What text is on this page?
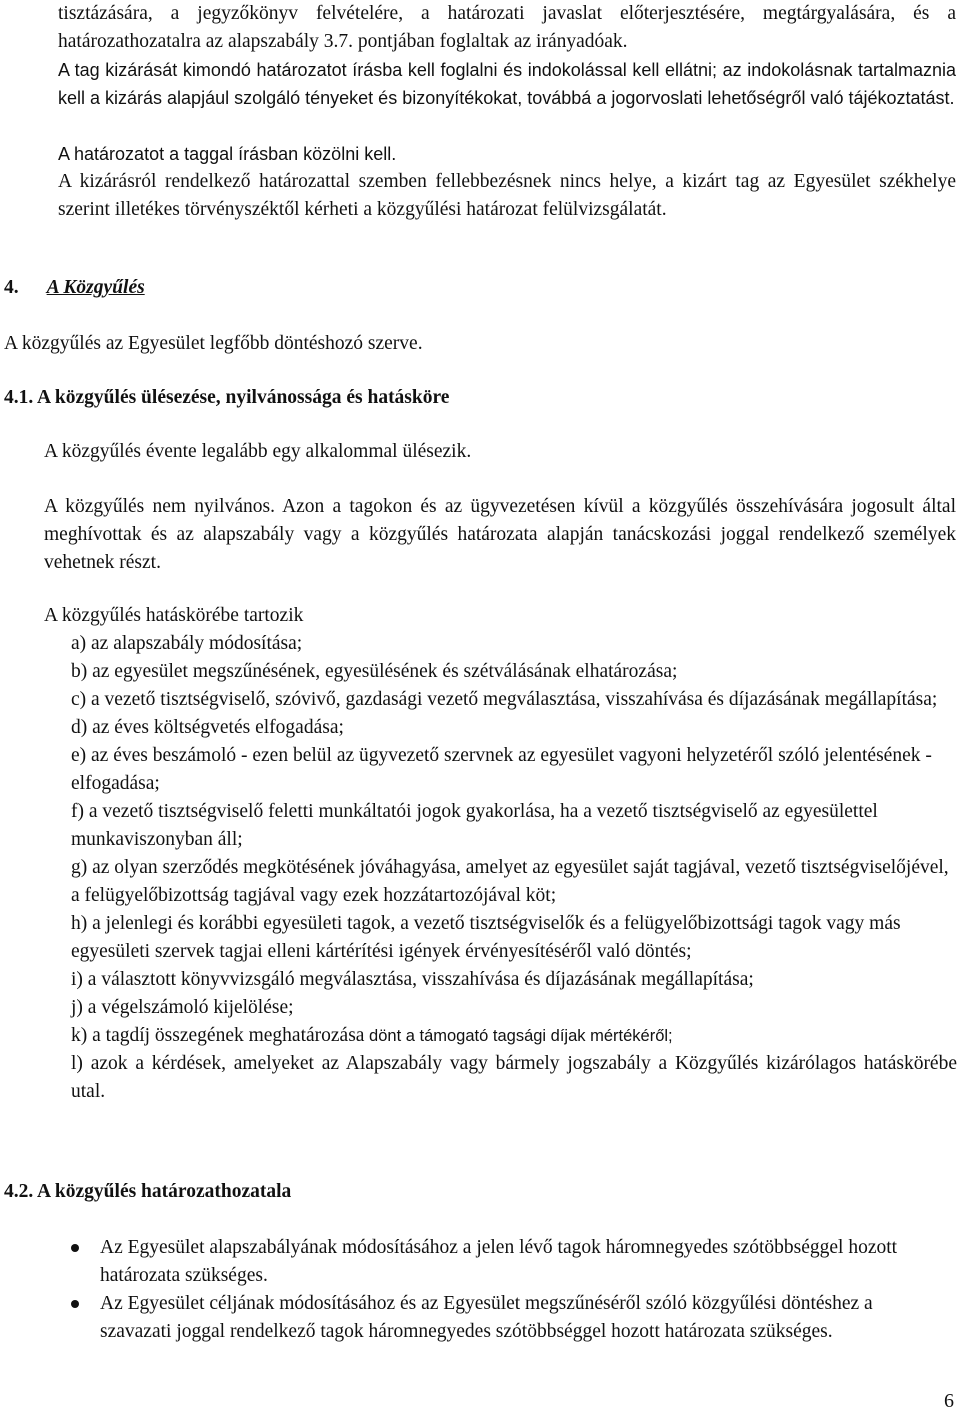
tisztázására, a jegyzőkönyv felvételére, a határozati javaslat előterjesztésére, megtárgyalására, és a határozathozatalra az alapszabály 3.7. pontjában foglaltak az irányadóak.
A tag kizárását kimondó határozatot írásba kell foglalni és indokolással kell ellátni; az indokolásnak tartalmaznia kell a kizárás alapjául szolgáló tényeket és bizonyítékokat, továbbá a jogorvoslati lehetőségről való tájékoztatást.
A határozatot a taggal írásban közölni kell.
A kizárásról rendelkező határozattal szemben fellebbezésnek nincs helye, a kizárt tag az Egyesület székhelye szerint illetékes törvényszéktől kérheti a közgyűlési határozat felülvizsgálatát.
4. A Közgyűlés
A közgyűlés az Egyesület legfőbb döntéshozó szerve.
4.1. A közgyűlés ülésezése, nyilvánossága és hatásköre
A közgyűlés évente legalább egy alkalommal ülésezik.
A közgyűlés nem nyilvános. Azon a tagokon és az ügyvezetésen kívül a közgyűlés összehívására jogosult által meghívottak és az alapszabály vagy a közgyűlés határozata alapján tanácskozási joggal rendelkező személyek vehetnek részt.
A közgyűlés hatáskörébe tartozik
a) az alapszabály módosítása;
b) az egyesület megszűnésének, egyesülésének és szétválásának elhatározása;
c) a vezető tisztségviselő, szóvivő, gazdasági vezető megválasztása, visszahívása és díjazásának megállapítása;
d) az éves költségvetés elfogadása;
e) az éves beszámoló - ezen belül az ügyvezető szervnek az egyesület vagyoni helyzetéről szóló jelentésének - elfogadása;
f) a vezető tisztségviselő feletti munkáltatói jogok gyakorlása, ha a vezető tisztségviselő az egyesülettel munkaviszonyban áll;
g) az olyan szerződés megkötésének jóváhagyása, amelyet az egyesület saját tagjával, vezető tisztségviselőjével, a felügyelőbizottság tagjával vagy ezek hozzátartozójával köt;
h) a jelenlegi és korábbi egyesületi tagok, a vezető tisztségviselők és a felügyelőbizottsági tagok vagy más egyesületi szervek tagjai elleni kártérítési igények érvényesítéséről való döntés;
i) a választott könyvvizsgáló megválasztása, visszahívása és díjazásának megállapítása;
j) a végelszámoló kijelölése;
k) a tagdíj összegének meghatározása dönt a támogató tagsági díjak mértékéről;
l) azok a kérdések, amelyeket az Alapszabály vagy bármely jogszabály a Közgyűlés kizárólagos hatáskörébe utal.
4.2. A közgyűlés határozathozatala
Az Egyesület alapszabályának módosításához a jelen lévő tagok háromnegyedes szótöbbséggel hozott határozata szükséges.
Az Egyesület céljának módosításához és az Egyesület megszűnéséről szóló közgyűlési döntéshez a szavazati joggal rendelkező tagok háromnegyedes szótöbbséggel hozott határozata szükséges.
6
